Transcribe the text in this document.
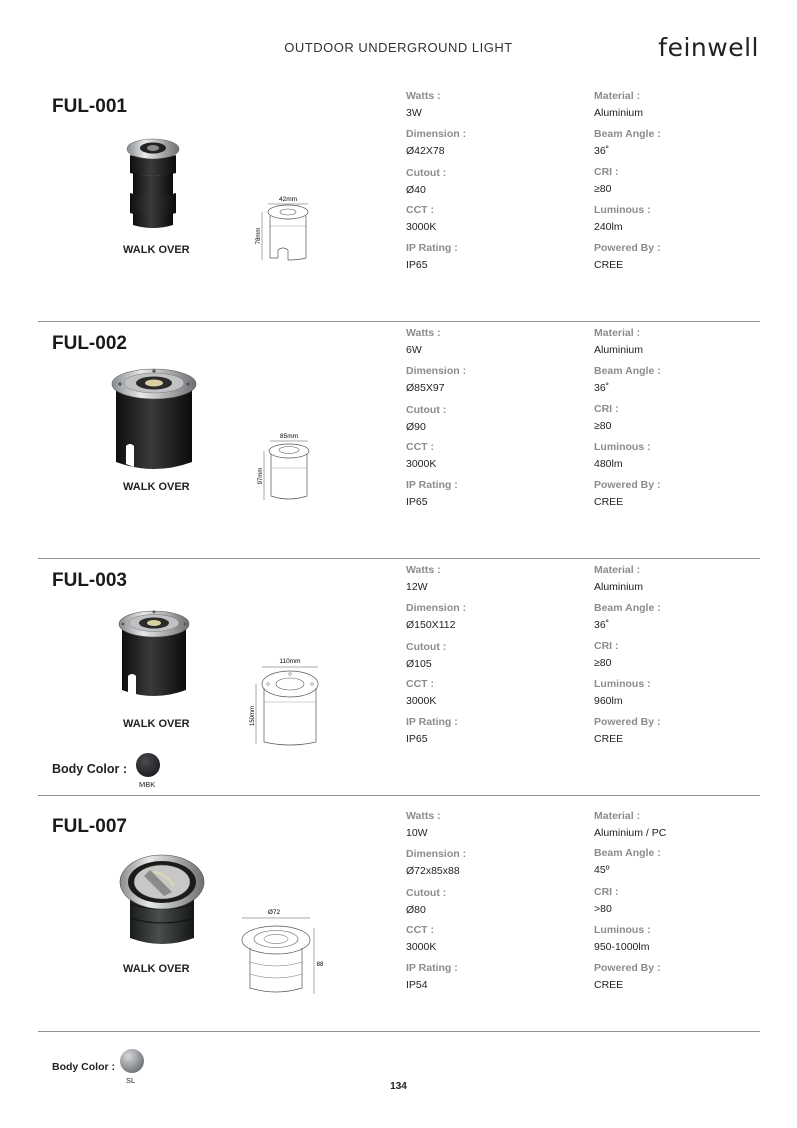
OUTDOOR UNDERGROUND LIGHT	feinwell
FUL-001
WALK OVER
42mm
78mm
Watts :
3W
Material :
Aluminium
Dimension :
Ø42X78
Beam Angle :
36˚
Cutout :
Ø40
CRI :
≥80
CCT :
3000K
Luminous :
240lm
IP Rating :
IP65
Powered By :
CREE
FUL-002
WALK OVER
85mm
97mm
Watts :
6W
Material :
Aluminium
Dimension :
Ø85X97
Beam Angle :
36˚
Cutout :
Ø90
CRI :
≥80
CCT :
3000K
Luminous :
480lm
IP Rating :
IP65
Powered By :
CREE
FUL-003
WALK OVER
110mm
150mm
Watts :
12W
Material :
Aluminium
Dimension :
Ø150X112
Beam Angle :
36˚
Cutout :
Ø105
CRI :
≥80
CCT :
3000K
Luminous :
960lm
IP Rating :
IP65
Powered By :
CREE
Body Color :
MBK
FUL-007
WALK OVER
Ø72
88
Watts :
10W
Material :
Aluminium / PC
Dimension :
Ø72x85x88
Beam Angle :
45º
Cutout :
Ø80
CRI :
>80
CCT :
3000K
Luminous :
950-1000lm
IP Rating :
IP54
Powered By :
CREE
Body Color :
SL
134
